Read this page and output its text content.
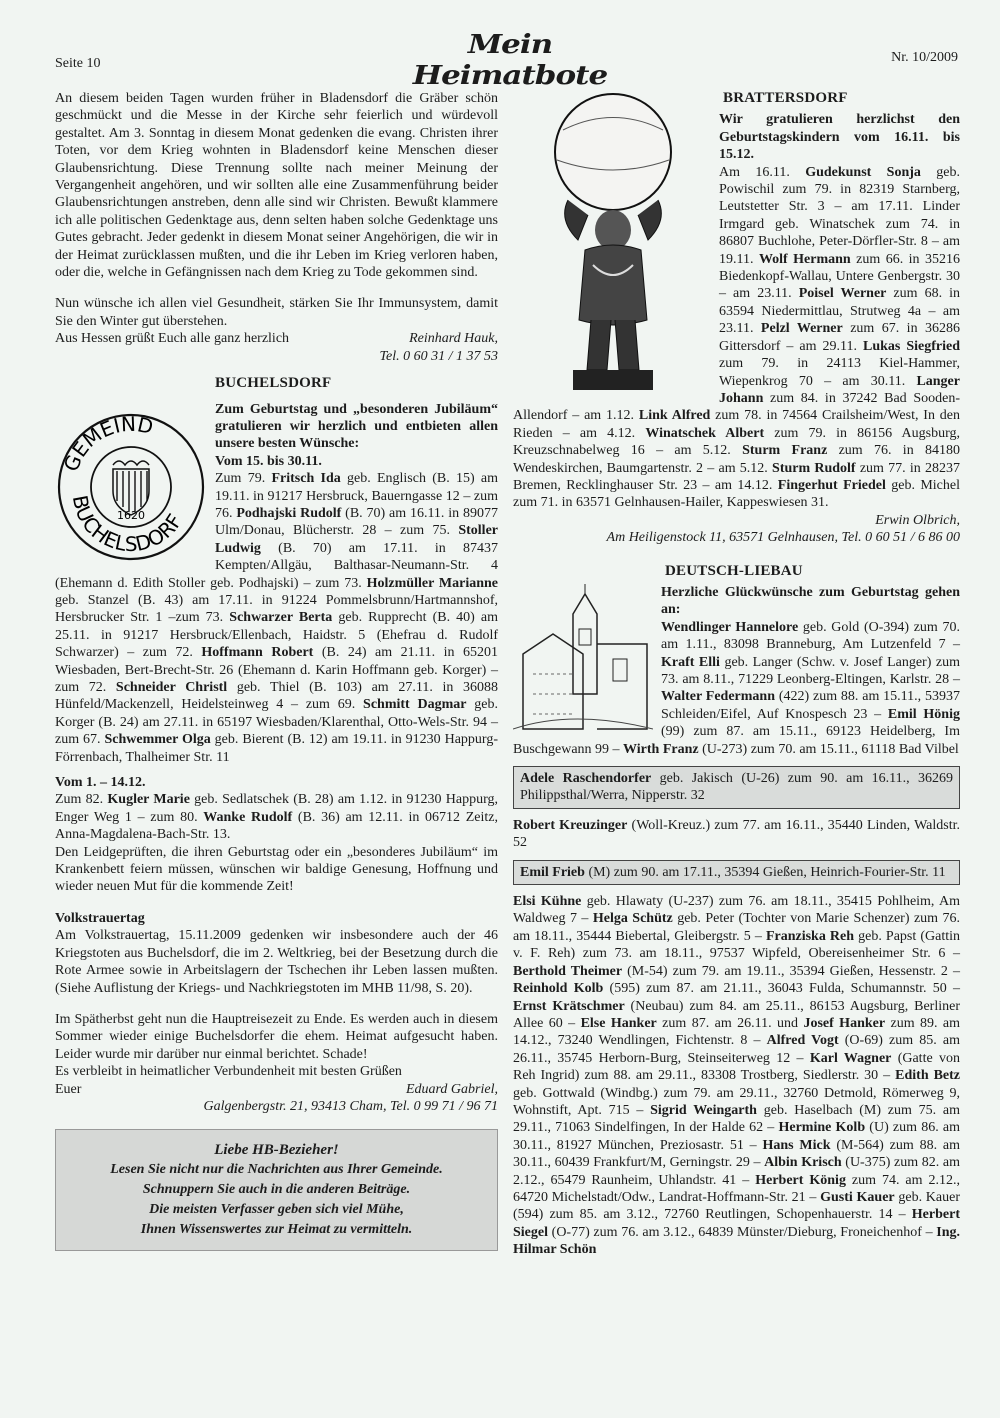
Seite 10
Mein Heimatbote
Nr. 10/2009

An diesem beiden Tagen wurden früher in Bladensdorf die Gräber schön geschmückt und die Messe in der Kirche sehr feierlich und würdevoll gestaltet. Am 3. Sonntag in diesem Monat gedenken die evang. Christen ihrer Toten, vor dem Krieg wohnten in Bladensdorf keine Menschen dieser Glaubensrichtung. Diese Trennung sollte nach meiner Meinung der Vergangenheit angehören, und wir sollten alle eine Zusammenführung beider Glaubensrichtungen anstreben, denn alle sind wir Christen. Bewußt klammere ich alle politischen Gedenktage aus, denn selten haben solche Gedenktage uns Gutes gebracht. Jeder gedenkt in diesem Monat seiner Angehörigen, die wir in der Heimat zurücklassen mußten, und die ihr Leben im Krieg verloren haben, oder die, welche in Gefängnissen nach dem Krieg zu Tode gekommen sind.

Nun wünsche ich allen viel Gesundheit, stärken Sie Ihr Immunsystem, damit Sie den Winter gut überstehen.

Aus Hessen grüßt Euch alle ganz herzlich	Reinhard Hauk,

Tel. 0 60 31 / 1 37 53

BUCHELSDORF
1620
GEMEIND
BUCHELSDORF

Zum Geburtstag und „besonderen Jubiläum“ gratulieren wir herzlich und entbieten allen unsere besten Wünsche:

Vom 15. bis 30.11.

Zum 79. Fritsch Ida geb. Englisch (B. 15) am 19.11. in 91217 Hersbruck, Bauerngasse 12 – zum 76. Podhajski Rudolf (B. 70) am 16.11. in 89077 Ulm/Donau, Blücherstr. 28 – zum 75. Stoller Ludwig (B. 70) am 17.11. in 87437 Kempten/Allgäu, Balthasar-Neumann-Str. 4 (Ehemann d. Edith Stoller geb. Podhajski) – zum 73. Holzmüller Marianne geb. Stanzel (B. 43) am 17.11. in 91224 Pommelsbrunn/Hartmannshof, Hersbrucker Str. 1 –zum 73. Schwarzer Berta geb. Rupprecht (B. 40) am 25.11. in 91217 Hersbruck/Ellenbach, Haidstr. 5 (Ehefrau d. Rudolf Schwarzer) – zum 72. Hoffmann Robert (B. 24) am 21.11. in 65201 Wiesbaden, Bert-Brecht-Str. 26 (Ehemann d. Karin Hoffmann geb. Korger) – zum 72. Schneider Christl geb. Thiel (B. 103) am 27.11. in 36088 Hünfeld/Mackenzell, Heidelsteinweg 4 – zum 69. Schmitt Dagmar geb. Korger (B. 24) am 27.11. in 65197 Wiesbaden/Klarenthal, Otto-Wels-Str. 94 – zum 67. Schwemmer Olga geb. Bierent (B. 12) am 19.11. in 91230 Happurg-Förrenbach, Thalheimer Str. 11

Vom 1. – 14.12.

Zum 82. Kugler Marie geb. Sedlatschek (B. 28) am 1.12. in 91230 Happurg, Enger Weg 1 – zum 80. Wanke Rudolf (B. 36) am 12.11. in 06712 Zeitz, Anna-Magdalena-Bach-Str. 13.

Den Leidgeprüften, die ihren Geburtstag oder ein „besonderes Jubiläum“ im Krankenbett feiern müssen, wünschen wir baldige Genesung, Hoffnung und wieder neuen Mut für die kommende Zeit!

Volkstrauertag

Am Volkstrauertag, 15.11.2009 gedenken wir insbesondere auch der 46 Kriegstoten aus Buchelsdorf, die im 2. Weltkrieg, bei der Besetzung durch die Rote Armee sowie in Arbeitslagern der Tschechen ihr Leben lassen mußten. (Siehe Auflistung der Kriegs- und Nachkriegstoten im MHB 11/98, S. 20).

Im Spätherbst geht nun die Hauptreisezeit zu Ende. Es werden auch in diesem Sommer wieder einige Buchelsdorfer die ehem. Heimat aufgesucht haben. Leider wurde mir darüber nur einmal berichtet. Schade!

Es verbleibt in heimatlicher Verbundenheit mit besten Grüßen

Euer	Eduard Gabriel,

Galgenbergstr. 21, 93413 Cham, Tel. 0 99 71 / 96 71

Liebe HB-Bezieher!
Lesen Sie nicht nur die Nachrichten aus Ihrer Gemeinde.
Schnuppern Sie auch in die anderen Beiträge.
Die meisten Verfasser geben sich viel Mühe,
Ihnen Wissenswertes zur Heimat zu vermitteln.
BRATTERSDORF

Wir gratulieren herzlichst den Geburtstagskindern vom 16.11. bis 15.12.

Am 16.11. Gudekunst Sonja geb. Powischil zum 79. in 82319 Starnberg, Leutstetter Str. 3 – am 17.11. Linder Irmgard geb. Winatschek zum 74. in 86807 Buchlohe, Peter-Dörfler-Str. 8 – am 19.11. Wolf Hermann zum 66. in 35216 Biedenkopf-Wallau, Untere Genbergstr. 30 – am 23.11. Poisel Werner zum 68. in 63594 Niedermittlau, Strutweg 4a – am 23.11. Pelzl Werner zum 67. in 36286 Gittersdorf – am 29.11. Lukas Siegfried zum 79. in 24113 Kiel-Hammer, Wiepenkrog 70 – am 30.11. Langer Johann zum 84. in 37242 Bad Sooden-Allendorf – am 1.12. Link Alfred zum 78. in 74564 Crailsheim/West, In den Rieden – am 4.12. Winatschek Albert zum 79. in 86156 Augsburg, Kreuzschnabelweg 16 – am 5.12. Sturm Franz zum 76. in 84180 Wendeskirchen, Baumgartenstr. 2 – am 5.12. Sturm Rudolf zum 77. in 28237 Bremen, Recklinghauser Str. 23 – am 14.12. Fingerhut Friedel geb. Michel zum 71. in 63571 Gelnhausen-Hailer, Kappeswiesen 31.

Erwin Olbrich,

Am Heiligenstock 11, 63571 Gelnhausen, Tel. 0 60 51 / 6 86 00

DEUTSCH-LIEBAU

Herzliche Glückwünsche zum Geburtstag gehen an:

Wendlinger Hannelore geb. Gold (O-394) zum 70. am 1.11., 83098 Branneburg, Am Lutzenfeld 7 – Kraft Elli geb. Langer (Schw. v. Josef Langer) zum 73. am 8.11., 71229 Leonberg-Eltingen, Karlstr. 28 – Walter Federmann (422) zum 88. am 15.11., 53937 Schleiden/Eifel, Auf Knospesch 23 – Emil Hönig (99) zum 87. am 15.11., 69123 Heidelberg, Im Buschgewann 99 – Wirth Franz (U-273) zum 70. am 15.11., 61118 Bad Vilbel

Adele Raschendorfer geb. Jakisch (U-26) zum 90. am 16.11., 36269 Philippsthal/Werra, Nipperstr. 32

Robert Kreuzinger (Woll-Kreuz.) zum 77. am 16.11., 35440 Linden, Waldstr. 52

Emil Frieb (M) zum 90. am 17.11., 35394 Gießen, Heinrich-Fourier-Str. 11

Elsi Kühne geb. Hlawaty (U-237) zum 76. am 18.11., 35415 Pohlheim, Am Waldweg 7 – Helga Schütz geb. Peter (Tochter von Marie Schenzer) zum 76. am 18.11., 35444 Biebertal, Gleibergstr. 5 – Franziska Reh geb. Papst (Gattin v. F. Reh) zum 73. am 18.11., 97537 Wipfeld, Obereisenheimer Str. 6 – Berthold Theimer (M-54) zum 79. am 19.11., 35394 Gießen, Hessenstr. 2 – Reinhold Kolb (595) zum 87. am 21.11., 36043 Fulda, Schumannstr. 50 – Ernst Krätschmer (Neubau) zum 84. am 25.11., 86153 Augsburg, Berliner Allee 60 – Else Hanker zum 87. am 26.11. und Josef Hanker zum 89. am 14.12., 73240 Wendlingen, Fichtenstr. 8 – Alfred Vogt (O-69) zum 85. am 26.11., 35745 Herborn-Burg, Steinseiterweg 12 – Karl Wagner (Gatte von Reh Ingrid) zum 88. am 29.11., 83308 Trostberg, Siedlerstr. 30 – Edith Betz geb. Gottwald (Windbg.) zum 79. am 29.11., 32760 Detmold, Römerweg 9, Wohnstift, Apt. 715 – Sigrid Weingarth geb. Haselbach (M) zum 75. am 29.11., 71063 Sindelfingen, In der Halde 62 – Hermine Kolb (U) zum 86. am 30.11., 81927 München, Preziosastr. 51 – Hans Mick (M-564) zum 88. am 30.11., 60439 Frankfurt/M, Gerningstr. 29 – Albin Krisch (U-375) zum 82. am 2.12., 65479 Raunheim, Uhlandstr. 41 – Herbert König zum 74. am 2.12., 64720 Michelstadt/Odw., Landrat-Hoffmann-Str. 21 – Gusti Kauer geb. Kauer (594) zum 85. am 3.12., 72760 Reutlingen, Schopenhauerstr. 14 – Herbert Siegel (O-77) zum 76. am 3.12., 64839 Münster/Dieburg, Froneichenhof – Ing. Hilmar Schön
